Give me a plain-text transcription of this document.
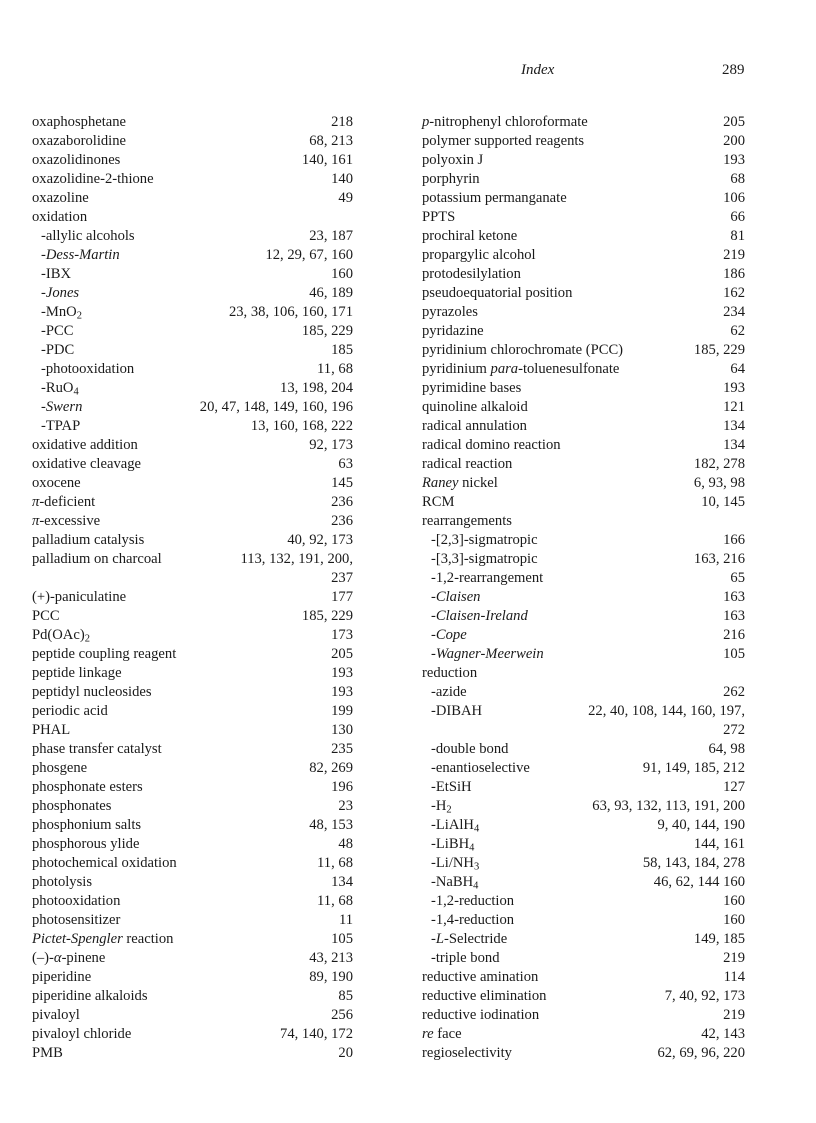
Index	289
oxaphosphetane	218
oxazaborolidine	68, 213
oxazolidinones	140, 161
oxazolidine-2-thione	140
oxazoline	49
oxidation
-allylic alcohols	23, 187
-Dess-Martin	12, 29, 67, 160
-IBX	160
-Jones	46, 189
-MnO$_2$	23, 38, 106, 160, 171
-PCC	185, 229
-PDC	185
-photooxidation	11, 68
-RuO$_4$	13, 198, 204
-Swern	20, 47, 148, 149, 160, 196
-TPAP	13, 160, 168, 222
oxidative addition	92, 173
oxidative cleavage	63
oxocene	145
π-deficient	236
π-excessive	236
palladium catalysis	40, 92, 173
palladium on charcoal	113, 132, 191, 200,
237
(+)-paniculatine	177
PCC	185, 229
$Pd(OAc)_2$	173
peptide coupling reagent	205
peptide linkage	193
peptidyl nucleosides	193
periodic acid	199
PHAL	130
phase transfer catalyst	235
phosgene	82, 269
phosphonate esters	196
phosphonates	23
phosphonium salts	48, 153
phosphorous ylide	48
photochemical oxidation	11, 68
photolysis	134
photooxidation	11, 68
photosensitizer	11
Pictet-Spengler reaction	105
(–)-α-pinene	43, 213
piperidine	89, 190
piperidine alkaloids	85
pivaloyl	256
pivaloyl chloride	74, 140, 172
PMB	20
p-nitrophenyl chloroformate	205
polymer supported reagents	200
polyoxin J	193
porphyrin	68
potassium permanganate	106
PPTS	66
prochiral ketone	81
propargylic alcohol	219
protodesilylation	186
pseudoequatorial position	162
pyrazoles	234
pyridazine	62
pyridinium chlorochromate (PCC)	185, 229
pyridinium para-toluenesulfonate	64
pyrimidine bases	193
quinoline alkaloid	121
radical annulation	134
radical domino reaction	134
radical reaction	182, 278
Raney nickel	6, 93, 98
RCM	10, 145
rearrangements
-[2,3]-sigmatropic	166
-[3,3]-sigmatropic	163, 216
-1,2-rearrangement	65
-Claisen	163
-Claisen-Ireland	163
-Cope	216
-Wagner-Meerwein	105
reduction
-azide	262
-DIBAH	22, 40, 108, 144, 160, 197,
272
-double bond	64, 98
-enantioselective	91, 149, 185, 212
-EtSiH	127
$-H_2$	63, 93, 132, 113, 191, 200
-LiAlH$_4$	9, 40, 144, 190
-LiBH$_4$	144, 161
$-Li/NH_3$	58, 143, 184, 278
-NaBH$_4$	46, 62, 144 160
-1,2-reduction	160
-1,4-reduction	160
-L-Selectride	149, 185
-triple bond	219
reductive amination	114
reductive elimination	7, 40, 92, 173
reductive iodination	219
re face	42, 143
regioselectivity	62, 69, 96, 220
